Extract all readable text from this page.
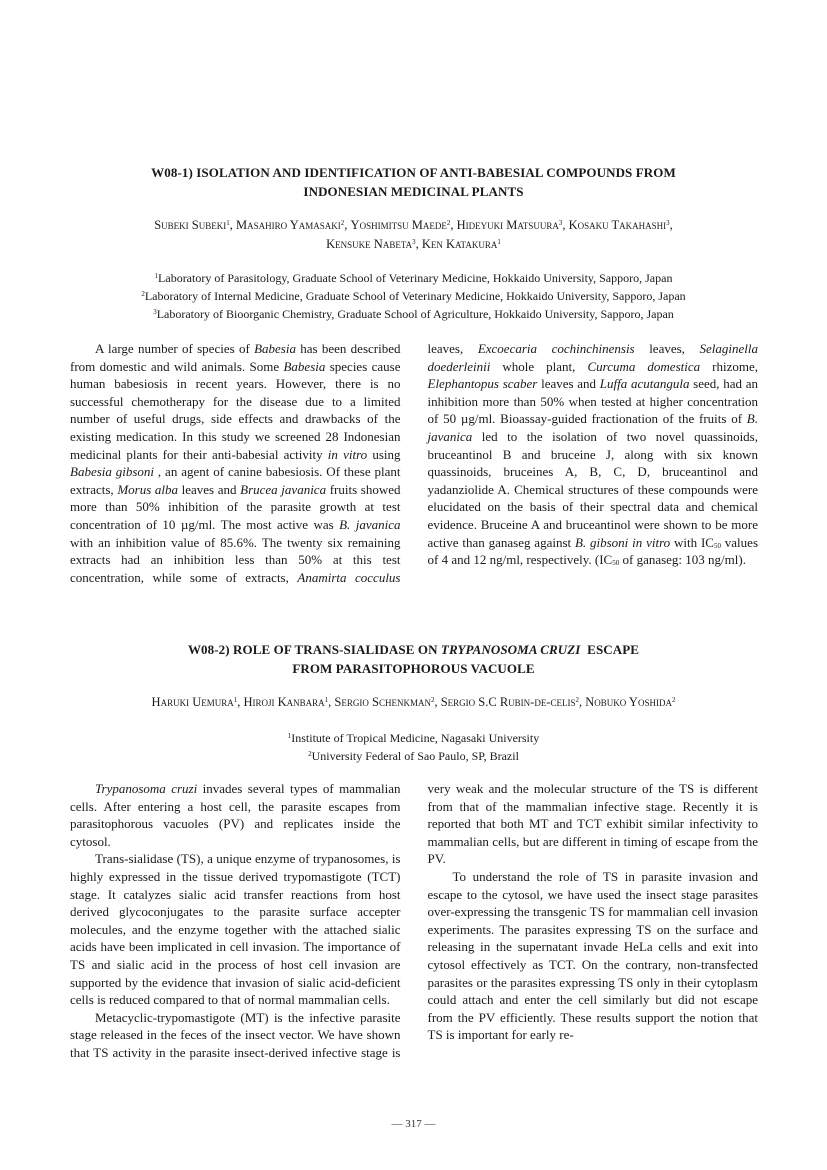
W08-1) ISOLATION AND IDENTIFICATION OF ANTI-BABESIAL COMPOUNDS FROM
INDONESIAN MEDICINAL PLANTS
Subeki Subeki$^1$, Masahiro Yamasaki$^2$, Yoshimitsu Maede$^2$, Hideyuki Matsuura$^3$, Kosaku Takahashi$^3$,
Kensuke Nabeta$^3$, Ken Katakura$^1$
$^1$Laboratory of Parasitology, Graduate School of Veterinary Medicine, Hokkaido University, Sapporo, Japan
$^2$Laboratory of Internal Medicine, Graduate School of Veterinary Medicine, Hokkaido University, Sapporo, Japan
$^3$Laboratory of Bioorganic Chemistry, Graduate School of Agriculture, Hokkaido University, Sapporo, Japan

A large number of species of Babesia has been described from domestic and wild animals. Some Babesia species cause human babesiosis in recent years. However, there is no successful chemotherapy for the disease due to a limited number of useful drugs, side effects and drawbacks of the existing medication. In this study we screened 28 Indonesian medicinal plants for their anti-babesial activity in vitro using Babesia gibsoni , an agent of canine babesiosis. Of these plant extracts, Morus alba leaves and Brucea javanica fruits showed more than 50% inhibition of the parasite growth at test concentration of 10 µg/ml. The most active was B. javanica with an inhibition value of 85.6%. The twenty six remaining extracts had an inhibition less than 50% at this test concentration, while some of extracts, Anamirta cocculus leaves, Excoecaria cochinchinensis leaves, Selaginella doederleinii whole plant, Curcuma domestica rhizome, Elephantopus scaber leaves and Luffa acutangula seed, had an inhibition more than 50% when tested at higher concentration of 50 µg/ml. Bioassay-guided fractionation of the fruits of B. javanica led to the isolation of two novel quassinoids, bruceantinol B and bruceine J, along with six known quassinoids, bruceines A, B, C, D, bruceantinol and yadanziolide A. Chemical structures of these compounds were elucidated on the basis of their spectral data and chemical evidence. Bruceine A and bruceantinol were shown to be more active than ganaseg against B. gibsoni in vitro with $IC_{50}$ values of 4 and 12 ng/ml, respectively. ($IC_{50}$ of ganaseg: 103 ng/ml).

W08-2) ROLE OF TRANS-SIALIDASE ON TRYPANOSOMA CRUZI  ESCAPE
FROM PARASITOPHOROUS VACUOLE
Haruki Uemura$^1$, Hiroji Kanbara$^1$, Sergio Schenkman$^2$, Sergio S.C Rubin-de-celis$^2$, Nobuko Yoshida$^2$
$^1$Institute of Tropical Medicine, Nagasaki University
$^2$University Federal of Sao Paulo, SP, Brazil

Trypanosoma cruzi invades several types of mammalian cells. After entering a host cell, the parasite escapes from parasitophorous vacuoles (PV) and replicates inside the cytosol.

Trans-sialidase (TS), a unique enzyme of trypanosomes, is highly expressed in the tissue derived trypomastigote (TCT) stage. It catalyzes sialic acid transfer reactions from host derived glycoconjugates to the parasite surface accepter molecules, and the enzyme together with the attached sialic acids have been implicated in cell invasion. The importance of TS and sialic acid in the process of host cell invasion are supported by the evidence that invasion of sialic acid-deficient cells is reduced compared to that of normal mammalian cells.

Metacyclic-trypomastigote (MT) is the infective parasite stage released in the feces of the insect vector. We have shown that TS activity in the parasite insect-derived infective stage is very weak and the molecular structure of the TS is different from that of the mammalian infective stage. Recently it is reported that both MT and TCT exhibit similar infectivity to mammalian cells, but are different in timing of escape from the PV.

To understand the role of TS in parasite invasion and escape to the cytosol, we have used the insect stage parasites over-expressing the transgenic TS for mammalian cell invasion experiments. The parasites expressing TS on the surface and releasing in the supernatant invade HeLa cells and exit into cytosol effectively as TCT. On the contrary, non-transfected parasites or the parasites expressing TS only in their cytoplasm could attach and enter the cell similarly but did not escape from the PV efficiently. These results support the notion that TS is important for early re-

— 317 —
